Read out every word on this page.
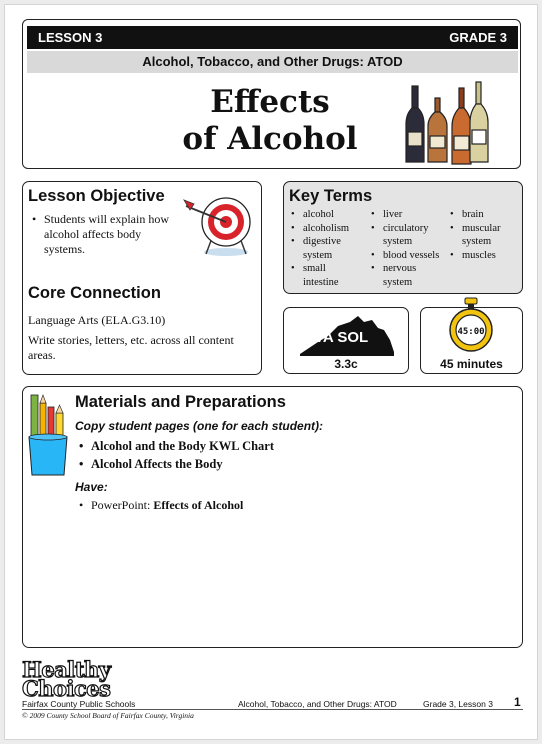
LESSON 3	GRADE 3
Alcohol, Tobacco, and Other Drugs: ATOD
Effects
of Alcohol
Lesson Objective
• Students will explain how alcohol affects body systems.
Core Connection
Language Arts (ELA.G3.10)
Write stories, letters, etc. across all content areas.
Key Terms
• alcohol
• alcoholism
• digestive system
• small intestine
• liver
• circulatory system
• blood vessels
• nervous system
• brain
• muscular system
• muscles
VA SOL
3.3c
45:00
45 minutes
Materials and Preparations
Copy student pages (one for each student):
• Alcohol and the Body KWL Chart
• Alcohol Affects the Body
Have:
• PowerPoint: Effects of Alcohol
Healthy
Choices
Fairfax County Public Schools
© 2009 County School Board of Fairfax County, Virginia
Alcohol, Tobacco, and Other Drugs: ATOD	Grade 3, Lesson 3 1
